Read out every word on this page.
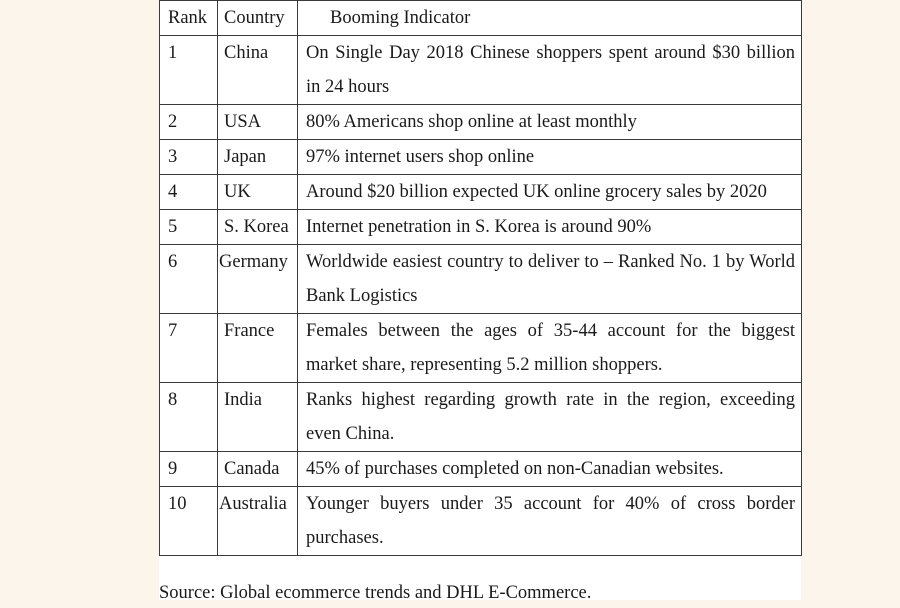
Rank	Country	Booming Indicator
1	China	On Single Day 2018 Chinese shoppers spent around $30 billion in 24 hours
2	USA	80% Americans shop online at least monthly
3	Japan	97% internet users shop online
4	UK	Around $20 billion expected UK online grocery sales by 2020
5	S. Korea	Internet penetration in S. Korea is around 90%
6	Germany	Worldwide easiest country to deliver to – Ranked No. 1 by World Bank Logistics
7	France	Females between the ages of 35-44 account for the biggest market share, representing 5.2 million shoppers.
8	India	Ranks highest regarding growth rate in the region, exceeding even China.
9	Canada	45% of purchases completed on non-Canadian websites.
10	Australia	Younger buyers under 35 account for 40% of cross border purchases.
Source: Global ecommerce trends and DHL E-Commerce.
